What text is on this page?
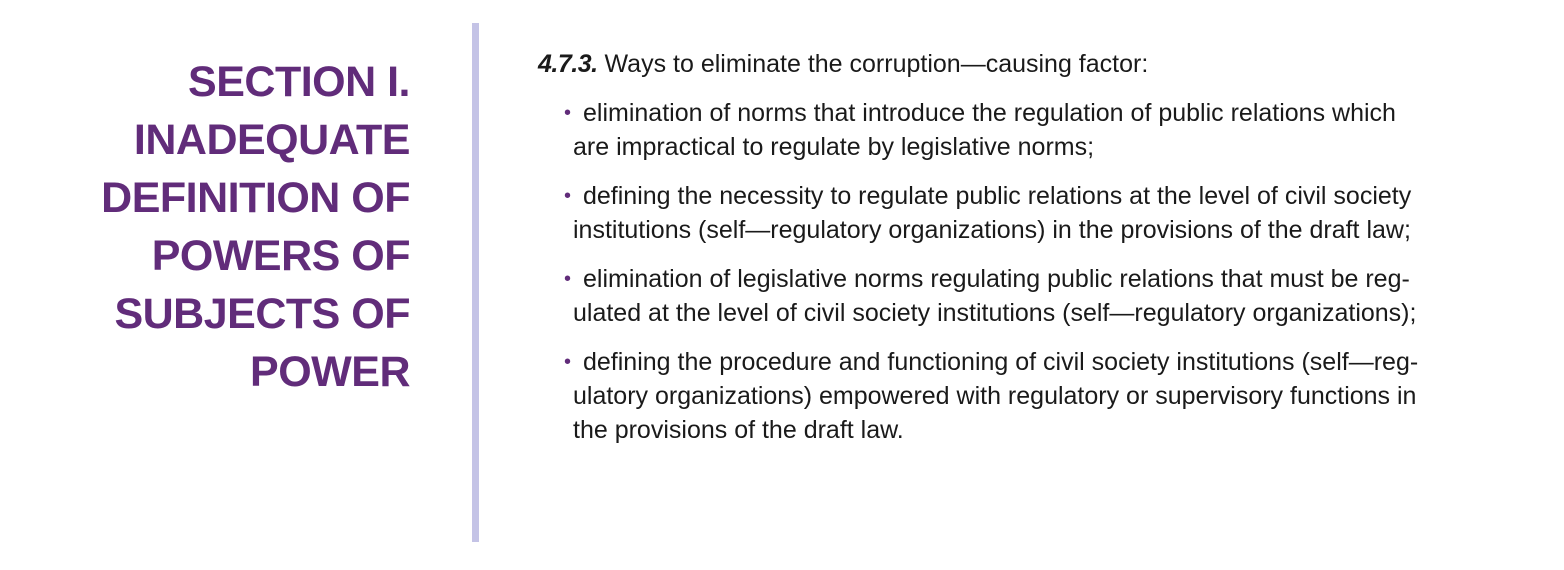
SECTION I.
INADEQUATE
DEFINITION OF
POWERS OF
SUBJECTS OF
POWER
4.7.3. Ways to eliminate the corruption—causing factor:
• elimination of norms that introduce the regulation of public relations which
are impractical to regulate by legislative norms;
• defining the necessity to regulate public relations at the level of civil society
institutions (self—regulatory organizations) in the provisions of the draft law;
• elimination of legislative norms regulating public relations that must be reg-
ulated at the level of civil society institutions (self—regulatory organizations);
• defining the procedure and functioning of civil society institutions (self—reg-
ulatory organizations) empowered with regulatory or supervisory functions in
the provisions of the draft law.
